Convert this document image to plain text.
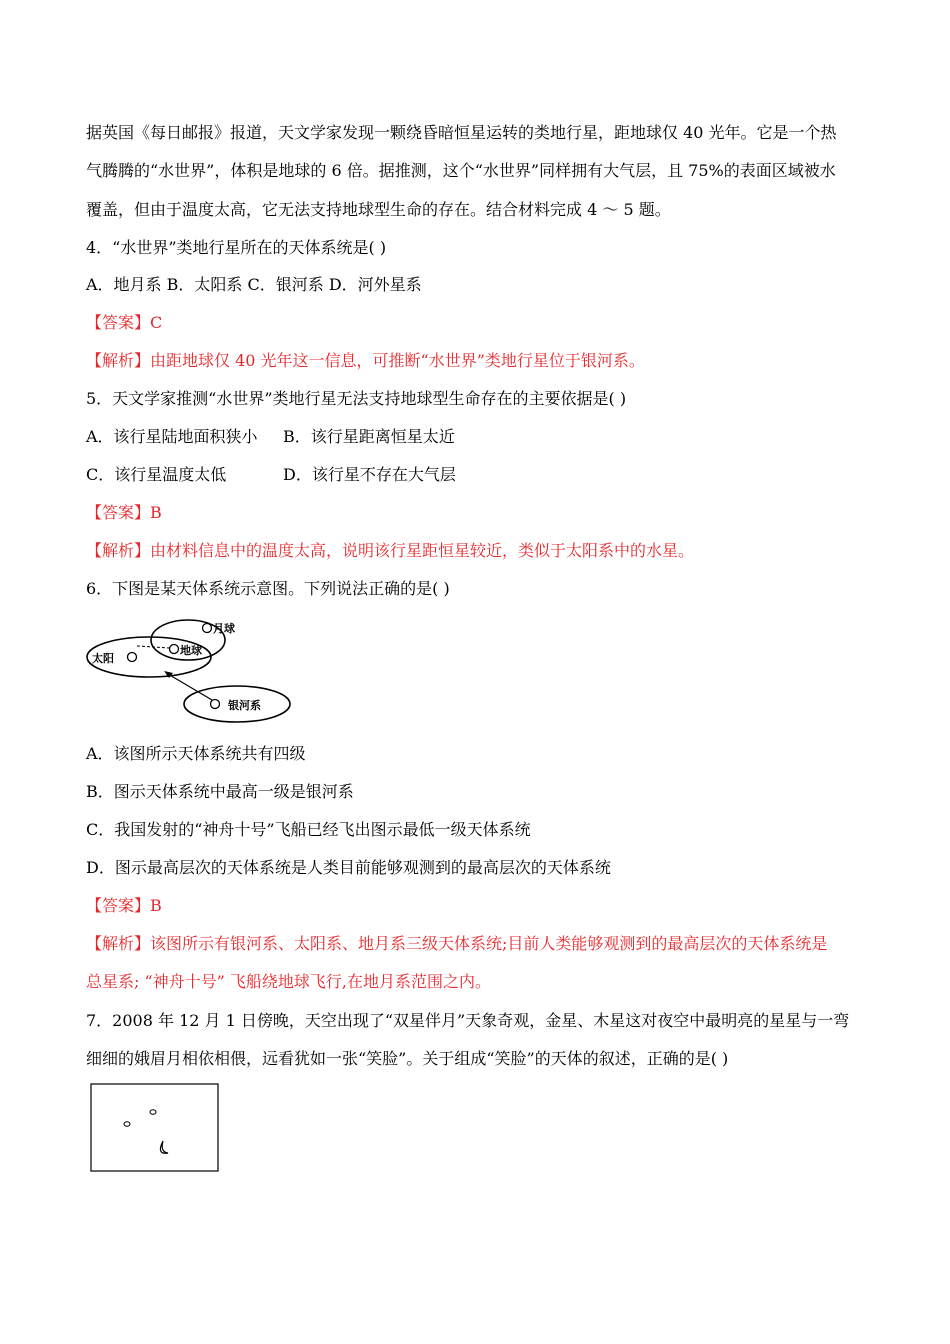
据英国《每日邮报》报道，天文学家发现一颗绕昏暗恒星运转的类地行星，距地球仅 40 光年。它是一个热
气腾腾的“水世界”，体积是地球的 6 倍。据推测，这个“水世界”同样拥有大气层，且 75%的表面区域被水
覆盖，但由于温度太高，它无法支持地球型生命的存在。结合材料完成 4 ～ 5 题。
4．“水世界”类地行星所在的天体系统是( )
A．地月系 B．太阳系 C．银河系 D．河外星系
【答案】C
【解析】由距地球仅 40 光年这一信息，可推断“水世界”类地行星位于银河系。
5．天文学家推测“水世界”类地行星无法支持地球型生命存在的主要依据是( )
A．该行星陆地面积狭小 B．该行星距离恒星太近
C．该行星温度太低	D．该行星不存在大气层
【答案】B
【解析】由材料信息中的温度太高，说明该行星距恒星较近，类似于太阳系中的水星。
6．下图是某天体系统示意图。下列说法正确的是( )
太阳
地球
月球
银河系
A．该图所示天体系统共有四级
B．图示天体系统中最高一级是银河系
C．我国发射的“神舟十号”飞船已经飞出图示最低一级天体系统
D．图示最高层次的天体系统是人类目前能够观测到的最高层次的天体系统
【答案】B
【解析】该图所示有银河系、太阳系、地月系三级天体系统;目前人类能够观测到的最高层次的天体系统是
总星系; “神舟十号” 飞船绕地球飞行,在地月系范围之内。
7．2008 年 12 月 1 日傍晚，天空出现了“双星伴月”天象奇观，金星、木星这对夜空中最明亮的星星与一弯
细细的娥眉月相依相偎，远看犹如一张“笑脸”。关于组成“笑脸”的天体的叙述，正确的是( )
